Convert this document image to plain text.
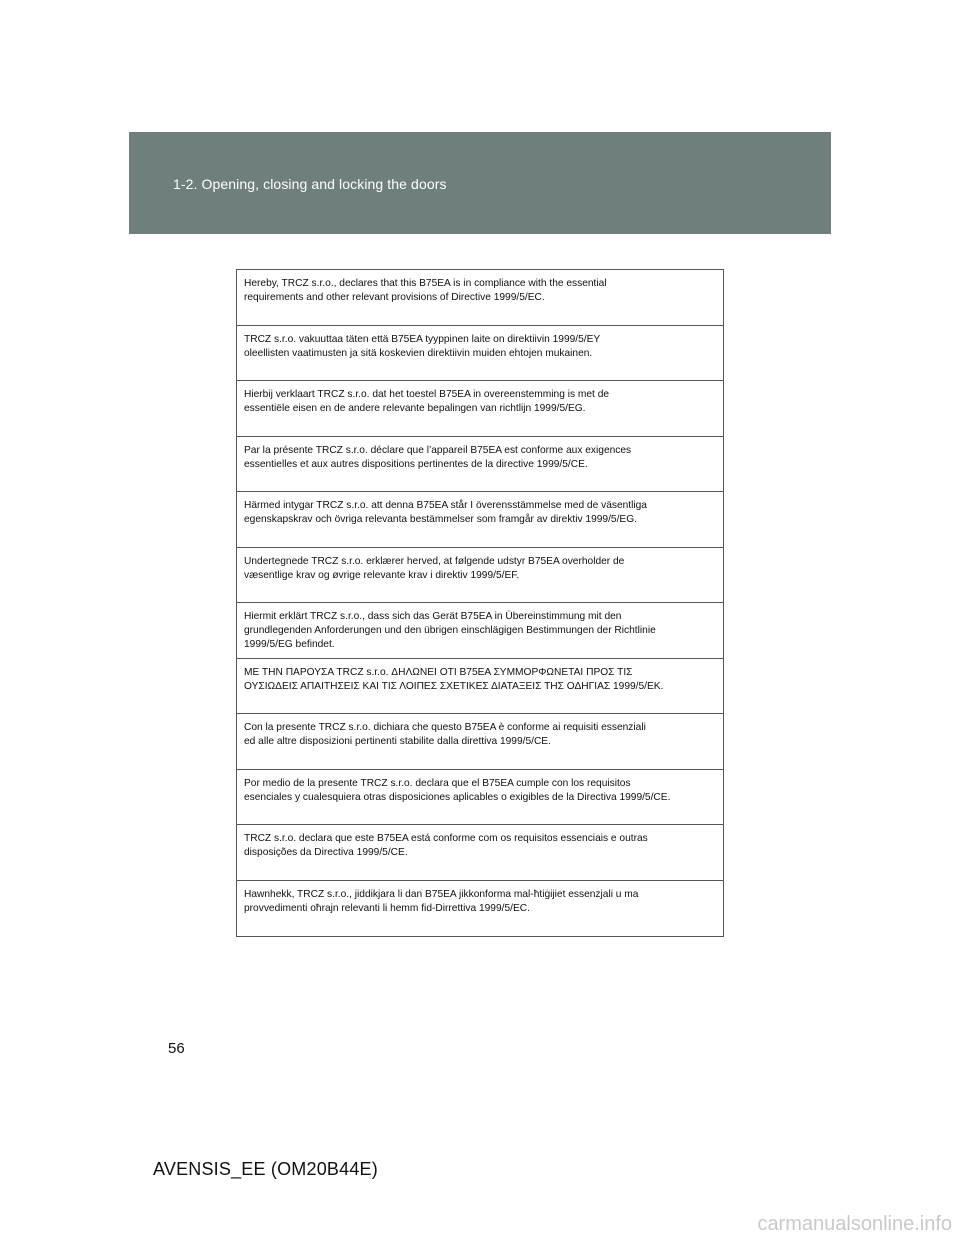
1-2. Opening, closing and locking the doors
Hereby, TRCZ s.r.o., declares that this B75EA is in compliance with the essential
requirements and other relevant provisions of Directive 1999/5/EC.
TRCZ s.r.o. vakuuttaa täten että B75EA tyyppinen laite on direktiivin 1999/5/EY
oleellisten vaatimusten ja sitä koskevien direktiivin muiden ehtojen mukainen.
Hierbij verklaart TRCZ s.r.o. dat het toestel B75EA in overeenstemming is met de
essentiële eisen en de andere relevante bepalingen van richtlijn 1999/5/EG.
Par la présente TRCZ s.r.o. déclare que l’appareil B75EA est conforme aux exigences
essentielles et aux autres dispositions pertinentes de la directive 1999/5/CE.
Härmed intygar TRCZ s.r.o. att denna B75EA står I överensstämmelse med de väsentliga
egenskapskrav och övriga relevanta bestämmelser som framgår av direktiv 1999/5/EG.
Undertegnede TRCZ s.r.o. erklærer herved, at følgende udstyr B75EA overholder de
væsentlige krav og øvrige relevante krav i direktiv 1999/5/EF.
Hiermit erklärt TRCZ s.r.o., dass sich das Gerät B75EA in Übereinstimmung mit den
grundlegenden Anforderungen und den übrigen einschlägigen Bestimmungen der Richtlinie
1999/5/EG befindet.
ΜΕ ΤΗΝ ΠΑΡΟΥΣΑ TRCZ s.r.o. ΔΗΛΩΝΕΙ ΟΤΙ B75EA ΣΥΜΜΟΡΦΩΝΕΤΑΙ ΠΡΟΣ ΤΙΣ
ΟΥΣΙΩΔΕΙΣ ΑΠΑΙΤΗΣΕΙΣ ΚΑΙ ΤΙΣ ΛΟΙΠΕΣ ΣΧΕΤΙΚΕΣ ΔΙΑΤΑΞΕΙΣ ΤΗΣ ΟΔΗΓΙΑΣ 1999/5/ΕΚ.
Con la presente TRCZ s.r.o. dichiara che questo B75EA è conforme ai requisiti essenziali
ed alle altre disposizioni pertinenti stabilite dalla direttiva 1999/5/CE.
Por medio de la presente TRCZ s.r.o. declara que el B75EA cumple con los requisitos
esenciales y cualesquiera otras disposiciones aplicables o exigibles de la Directiva 1999/5/CE.
TRCZ s.r.o. declara que este B75EA está conforme com os requisitos essenciais e outras
disposições da Directiva 1999/5/CE.
Hawnhekk, TRCZ s.r.o., jiddikjara li dan B75EA jikkonforma mal-ħtiġijiet essenzjali u ma
provvedimenti oħrajn relevanti li hemm fid-Dirrettiva 1999/5/EC.
56
AVENSIS_EE (OM20B44E)
carmanualsonline.info
